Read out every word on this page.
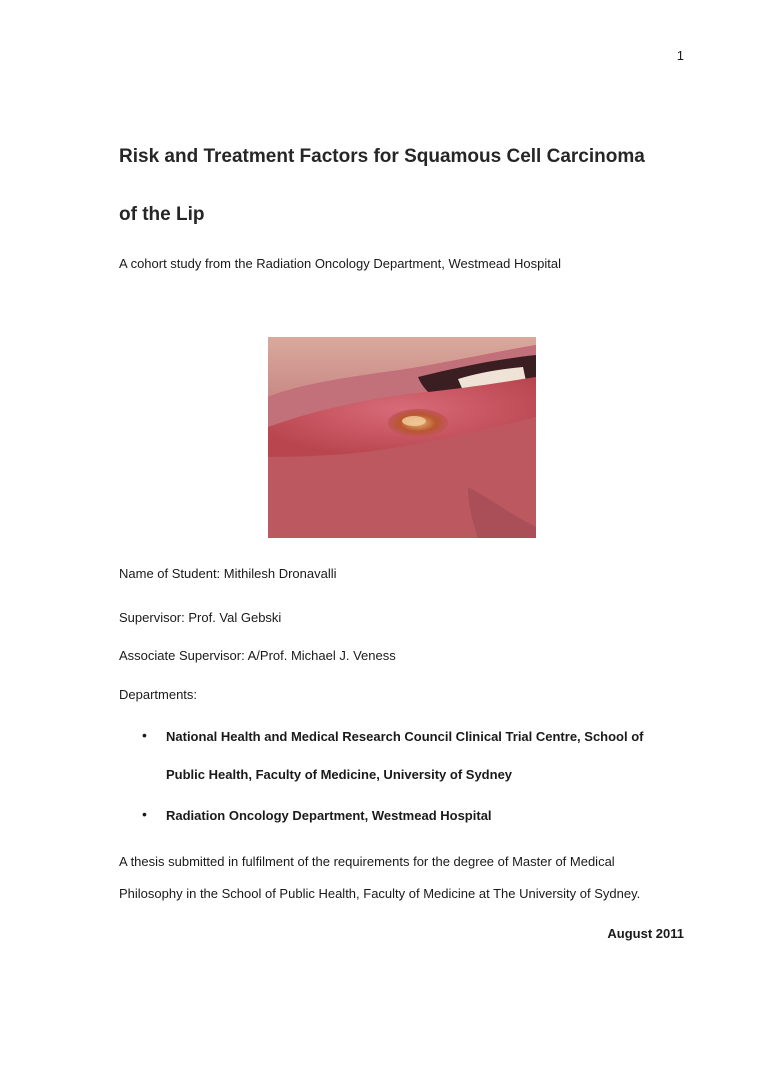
1
Risk and Treatment Factors for Squamous Cell Carcinoma
of the Lip
A cohort study from the Radiation Oncology Department, Westmead Hospital
Name of Student: Mithilesh Dronavalli
Supervisor: Prof. Val Gebski
Associate Supervisor: A/Prof. Michael J. Veness
Departments:
• National Health and Medical Research Council Clinical Trial Centre, School of
Public Health, Faculty of Medicine, University of Sydney
• Radiation Oncology Department, Westmead Hospital
A thesis submitted in fulfilment of the requirements for the degree of Master of Medical
Philosophy in the School of Public Health, Faculty of Medicine at The University of Sydney.
August 2011
